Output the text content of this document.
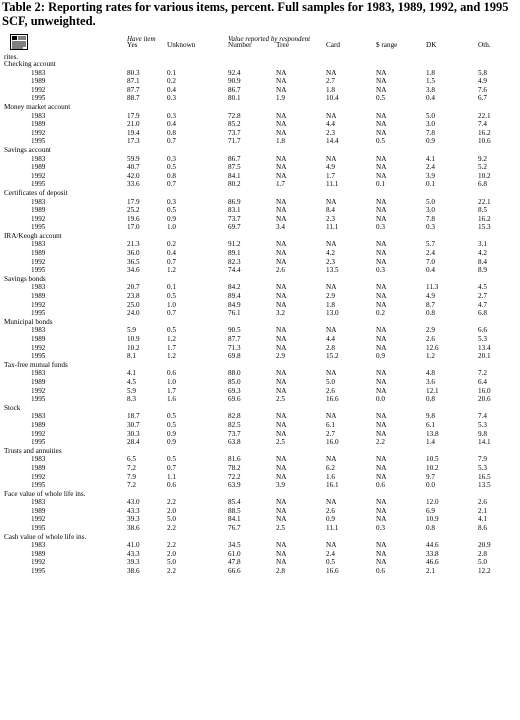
Table 2: Reporting rates for various items, percent. Full samples for 1983, 1989, 1992, and 1995 SCF, unweighted.
Have item	Value reported by respondent
Yes	Unknown	Number	Tree	Card	$ range	DK	Oth.
rites.
Checking account
1983	80.3	0.1	92.4	NA	NA	NA	1.8	5.8
1989	87.1	0.2	90.9	NA	2.7	NA	1.5	4.9
1992	87.7	0.4	86.7	NA	1.8	NA	3.8	7.6
1995	88.7	0.3	80.1	1.9	10.4	0.5	0.4	6.7
Money market account
1983	17.9	0.3	72.8	NA	NA	NA	5.0	22.1
1989	21.0	0.4	85.2	NA	4.4	NA	3.0	7.4
1992	19.4	0.8	73.7	NA	2.3	NA	7.8	16.2
1995	17.3	0.7	71.7	1.8	14.4	0.5	0.9	10.6
Savings account
1983	59.9	0.3	86.7	NA	NA	NA	4.1	9.2
1989	40.7	0.5	87.5	NA	4.9	NA	2.4	5.2
1992	42.0	0.8	84.1	NA	1.7	NA	3.9	10.2
1995	33.6	0.7	80.2	1.7	11.1	0.1	0.1	6.8
Certificates of deposit
1983	17.9	0.3	86.9	NA	NA	NA	5.0	22.1
1989	25.2	0.5	83.1	NA	8.4	NA	3.0	8.5
1992	19.6	0.9	73.7	NA	2.3	NA	7.8	16.2
1995	17.0	1.0	69.7	3.4	11.1	0.3	0.3	15.3
IRA/Keogh account
1983	21.3	0.2	91.2	NA	NA	NA	5.7	3.1
1989	36.0	0.4	89.1	NA	4.2	NA	2.4	4.2
1992	36.5	0.7	82.3	NA	2.3	NA	7.0	8.4
1995	34.6	1.2	74.4	2.6	13.5	0.3	0.4	8.9
Savings bonds
1983	20.7	0.1	84.2	NA	NA	NA	11.3	4.5
1989	23.8	0.5	89.4	NA	2.9	NA	4.9	2.7
1992	25.0	1.0	84.9	NA	1.8	NA	8.7	4.7
1995	24.0	0.7	76.1	3.2	13.0	0.2	0.8	6.8
Municipal bonds
1983	5.9	0.5	90.5	NA	NA	NA	2.9	6.6
1989	10.9	1.2	87.7	NA	4.4	NA	2.6	5.3
1992	10.2	1.7	71.3	NA	2.8	NA	12.6	13.4
1995	8.1	1.2	69.8	2.9	15.2	0.9	1.2	20.1
Tax-free mutual funds
1983	4.1	0.6	88.0	NA	NA	NA	4.8	7.2
1989	4.5	1.0	85.0	NA	5.0	NA	3.6	6.4
1992	5.9	1.7	69.3	NA	2.6	NA	12.1	16.0
1995	8.3	1.6	69.6	2.5	16.6	0.0	0.8	20.6
Stock
1983	18.7	0.5	82.8	NA	NA	NA	9.8	7.4
1989	30.7	0.5	82.5	NA	6.1	NA	6.1	5.3
1992	30.3	0.9	73.7	NA	2.7	NA	13.8	9.8
1995	28.4	0.9	63.8	2.5	16.0	2.2	1.4	14.1
Trusts and annuities
1983	6.5	0.5	81.6	NA	NA	NA	10.5	7.9
1989	7.2	0.7	78.2	NA	6.2	NA	10.2	5.3
1992	7.9	1.1	72.2	NA	1.6	NA	9.7	16.5
1995	7.2	0.6	63.9	3.9	16.1	0.6	0.0	13.5
Face value of whole life ins.
1983	43.0	2.2	85.4	NA	NA	NA	12.0	2.6
1989	43.3	2.0	88.5	NA	2.6	NA	6.9	2.1
1992	39.3	5.0	84.1	NA	0.9	NA	10.9	4.1
1995	38.6	2.2	76.7	2.5	11.1	0.3	0.8	8.6
Cash value of whole life ins.
1983	41.0	2.2	34.5	NA	NA	NA	44.6	20.9
1989	43.3	2.0	61.0	NA	2.4	NA	33.8	2.8
1992	39.3	5.0	47.8	NA	0.5	NA	46.6	5.0
1995	38.6	2.2	66.6	2.8	16.6	0.6	2.1	12.2
